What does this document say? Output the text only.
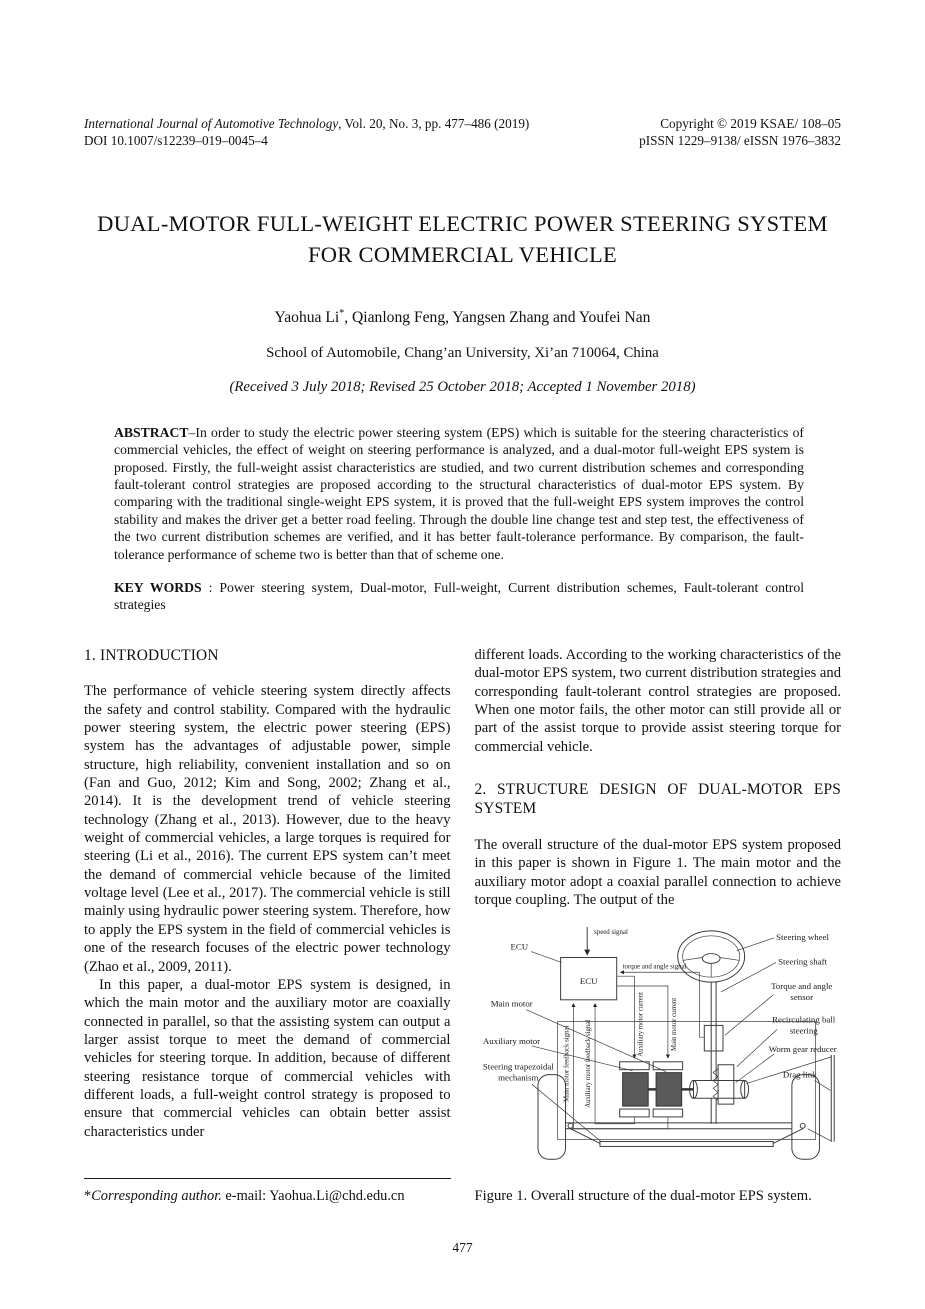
International Journal of Automotive Technology, Vol. 20, No. 3, pp. 477–486 (2019)
DOI 10.1007/s12239–019–0045–4
Copyright © 2019 KSAE/ 108–05
pISSN 1229–9138/ eISSN 1976–3832
DUAL-MOTOR FULL-WEIGHT ELECTRIC POWER STEERING SYSTEM
FOR COMMERCIAL VEHICLE
Yaohua Li*, Qianlong Feng, Yangsen Zhang and Youfei Nan
School of Automobile, Chang’an University, Xi’an 710064, China
(Received 3 July 2018; Revised 25 October 2018; Accepted 1 November 2018)
ABSTRACT–In order to study the electric power steering system (EPS) which is suitable for the steering characteristics of commercial vehicles, the effect of weight on steering performance is analyzed, and a dual-motor full-weight EPS system is proposed. Firstly, the full-weight assist characteristics are studied, and two current distribution schemes and corresponding fault-tolerant control strategies are proposed according to the structural characteristics of dual-motor EPS system. By comparing with the traditional single-weight EPS system, it is proved that the full-weight EPS system improves the control stability and makes the driver get a better road feeling. Through the double line change test and step test, the effectiveness of the two current distribution schemes are verified, and it has better fault-tolerance performance. By comparison, the fault-tolerance performance of scheme two is better than that of scheme one.
KEY WORDS : Power steering system, Dual-motor, Full-weight, Current distribution schemes, Fault-tolerant control strategies
1. INTRODUCTION

The performance of vehicle steering system directly affects the safety and control stability. Compared with the hydraulic power steering system, the electric power steering (EPS) system has the advantages of adjustable power, simple structure, high reliability, convenient installation and so on (Fan and Guo, 2012; Kim and Song, 2002; Zhang et al., 2014). It is the development trend of vehicle steering technology (Zhang et al., 2013). However, due to the heavy weight of commercial vehicles, a large torques is required for steering (Li et al., 2016). The current EPS system can’t meet the demand of commercial vehicle because of the limited voltage level (Lee et al., 2017). The commercial vehicle is still mainly using hydraulic power steering system. Therefore, how to apply the EPS system in the field of commercial vehicles is one of the research focuses of the electric power technology (Zhao et al., 2009, 2011).

In this paper, a dual-motor EPS system is designed, in which the main motor and the auxiliary motor are coaxially connected in parallel, so that the assisting system can output a larger assist torque to meet the demand of commercial vehicles for steering torque. In addition, because of different steering resistance torque of commercial vehicles with different loads, a full-weight control strategy is proposed to ensure that commercial vehicles can obtain better assist characteristics under

*Corresponding author. e-mail: Yaohua.Li@chd.edu.cn

different loads. According to the working characteristics of the dual-motor EPS system, two current distribution strategies and corresponding fault-tolerant control strategies are proposed. When one motor fails, the other motor can still provide all or part of the assist torque to provide assist steering torque for commercial vehicle.

2. STRUCTURE DESIGN OF DUAL-MOTOR EPS SYSTEM

The overall structure of the dual-motor EPS system proposed in this paper is shown in Figure 1. The main motor and the auxiliary motor adopt a coaxial parallel connection to achieve torque coupling. The output of the

ECU
speed signal
ECU
torque and angle signal
Main motor feedback signal Auxiliary motor feedback signal	Auxiliary motor current	Main motor current
Steering wheel
Steering shaft
Torque and angle
sensor
Recirculating ball
steering
Worm gear reducer
Drag link
Main motor
Auxiliary motor
Steering trapezoidal
mechanism
Figure 1. Overall structure of the dual-motor EPS system.
477
